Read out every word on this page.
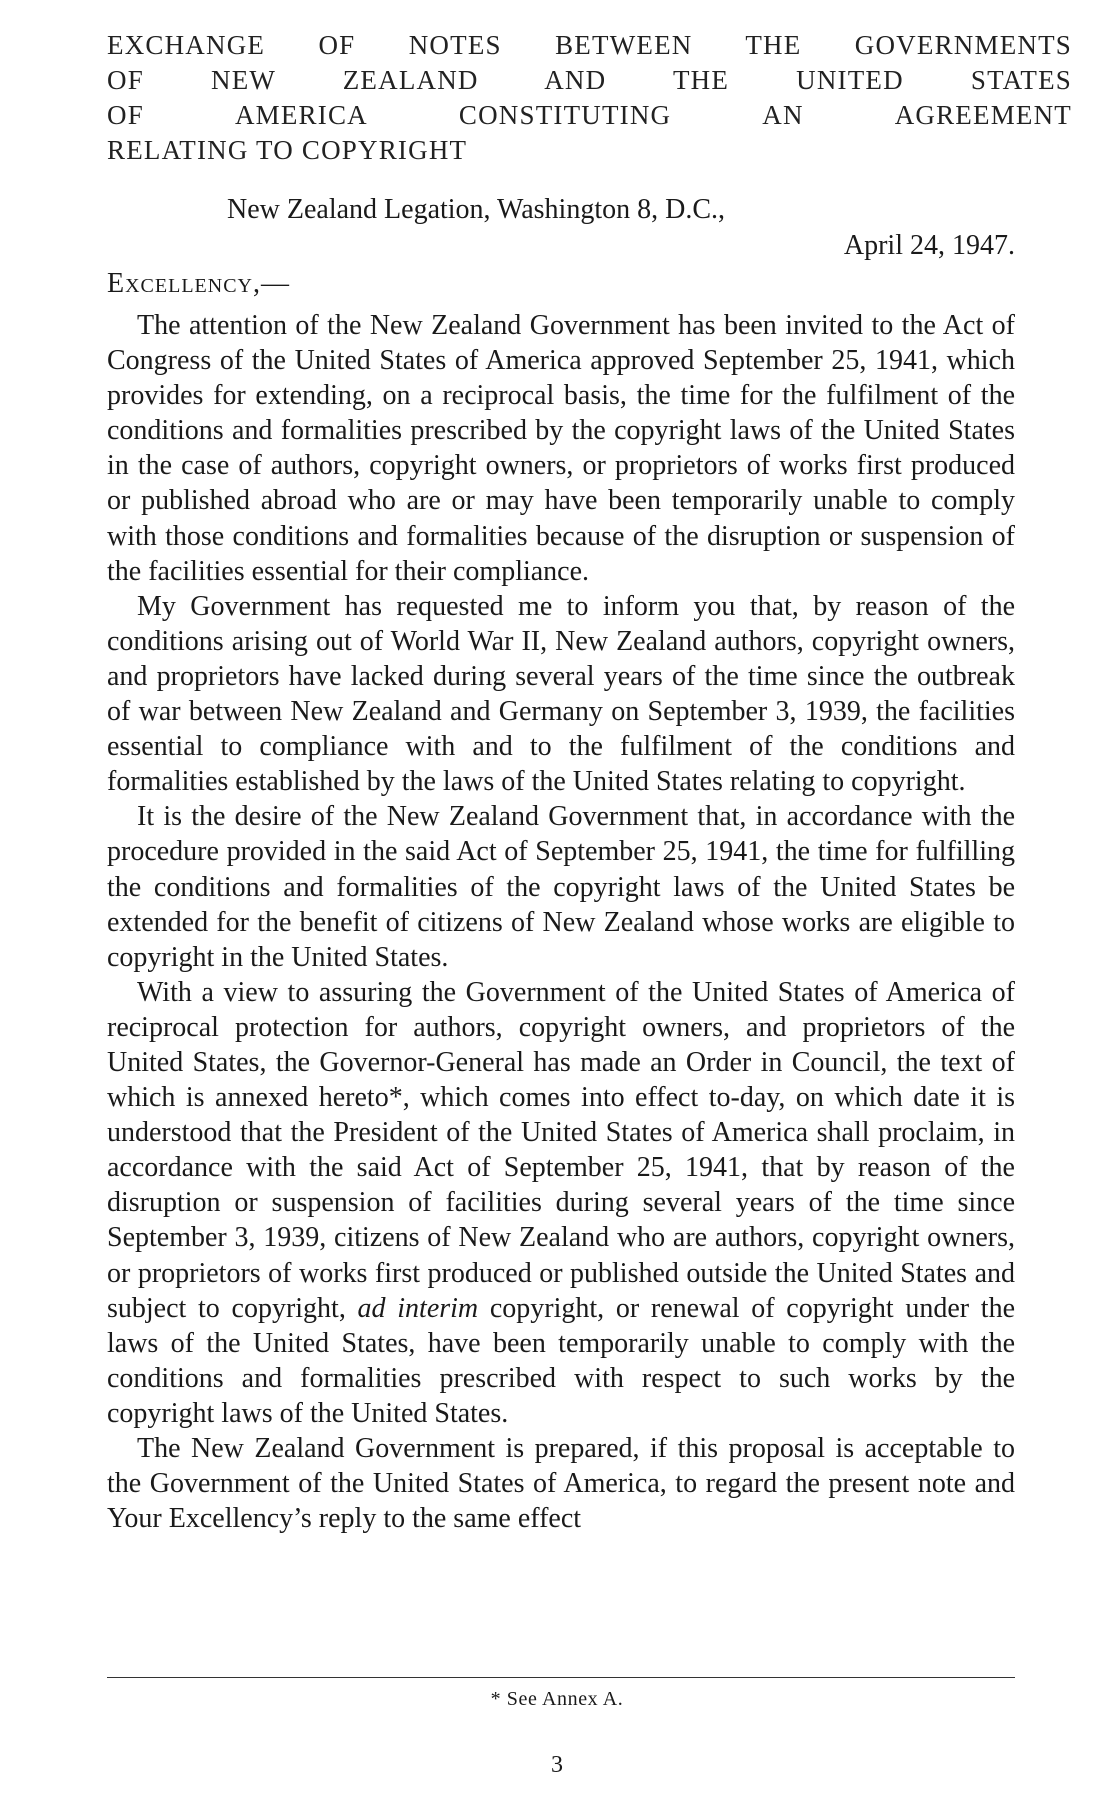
EXCHANGE OF NOTES BETWEEN THE GOVERNMENTS
OF NEW ZEALAND AND THE UNITED STATES
OF AMERICA CONSTITUTING AN AGREEMENT
RELATING TO COPYRIGHT
New Zealand Legation, Washington 8, D.C.,
April 24, 1947.
Excellency,—

The attention of the New Zealand Government has been invited to the Act of Congress of the United States of America approved September 25, 1941, which provides for extending, on a reciprocal basis, the time for the fulfilment of the conditions and formalities prescribed by the copyright laws of the United States in the case of authors, copyright owners, or proprietors of works first produced or published abroad who are or may have been temporarily unable to comply with those conditions and formalities because of the disruption or suspension of the facilities essential for their compliance.

My Government has requested me to inform you that, by reason of the conditions arising out of World War II, New Zealand authors, copyright owners, and proprietors have lacked during several years of the time since the outbreak of war between New Zealand and Germany on September 3, 1939, the facilities essential to compliance with and to the fulfilment of the conditions and formalities established by the laws of the United States relating to copyright.

It is the desire of the New Zealand Government that, in accordance with the procedure provided in the said Act of September 25, 1941, the time for fulfilling the conditions and formalities of the copyright laws of the United States be extended for the benefit of citizens of New Zealand whose works are eligible to copyright in the United States.

With a view to assuring the Government of the United States of America of reciprocal protection for authors, copyright owners, and proprietors of the United States, the Governor-General has made an Order in Council, the text of which is annexed hereto*, which comes into effect to-day, on which date it is understood that the President of the United States of America shall proclaim, in accordance with the said Act of September 25, 1941, that by reason of the disruption or suspension of facilities during several years of the time since September 3, 1939, citizens of New Zealand who are authors, copyright owners, or proprietors of works first produced or published outside the United States and subject to copyright, ad interim copyright, or renewal of copyright under the laws of the United States, have been temporarily unable to comply with the conditions and formalities prescribed with respect to such works by the copyright laws of the United States.

The New Zealand Government is prepared, if this proposal is acceptable to the Government of the United States of America, to regard the present note and Your Excellency’s reply to the same effect

* See Annex A.
3
